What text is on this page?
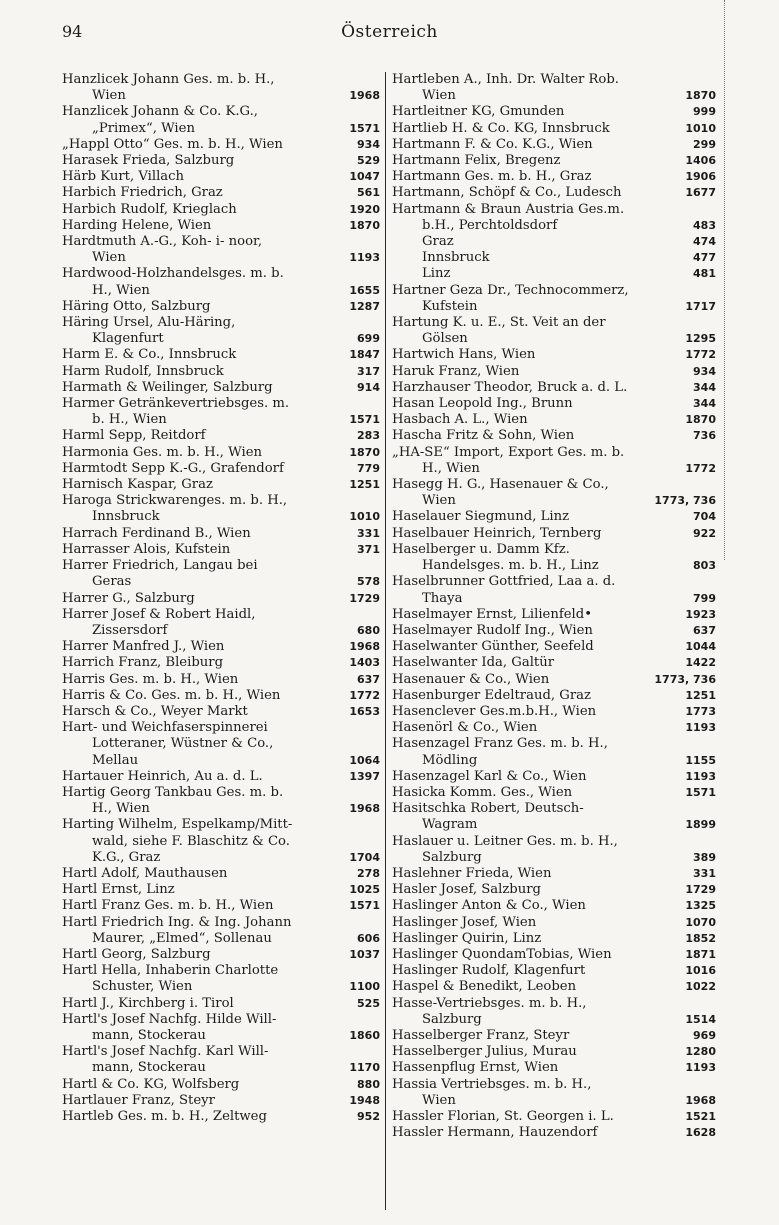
94	Österreich
Hanzlicek Johann Ges. m. b. H.,
Wien	1968
Hanzlicek Johann & Co. K.G.,
„Primex“, Wien	1571
„Happl Otto“ Ges. m. b. H., Wien	934
Harasek Frieda, Salzburg	529
Härb Kurt, Villach	1047
Harbich Friedrich, Graz	561
Harbich Rudolf, Krieglach	1920
Harding Helene, Wien	1870
Hardtmuth A.-G., Koh- i- noor,
Wien	1193
Hardwood-Holzhandelsges. m. b.
H., Wien	1655
Häring Otto, Salzburg	1287
Häring Ursel, Alu-Häring,
Klagenfurt	699
Harm E. & Co., Innsbruck	1847
Harm Rudolf, Innsbruck	317
Harmath & Weilinger, Salzburg	914
Harmer Getränkevertriebsges. m.
b. H., Wien	1571
Harml Sepp, Reitdorf	283
Harmonia Ges. m. b. H., Wien	1870
Harmtodt Sepp K.-G., Grafendorf	779
Harnisch Kaspar, Graz	1251
Haroga Strickwarenges. m. b. H.,
Innsbruck	1010
Harrach Ferdinand B., Wien	331
Harrasser Alois, Kufstein	371
Harrer Friedrich, Langau bei
Geras	578
Harrer G., Salzburg	1729
Harrer Josef & Robert Haidl,
Zissersdorf	680
Harrer Manfred J., Wien	1968
Harrich Franz, Bleiburg	1403
Harris Ges. m. b. H., Wien	637
Harris & Co. Ges. m. b. H., Wien	1772
Harsch & Co., Weyer Markt	1653
Hart- und Weichfaserspinnerei
Lotteraner, Wüstner & Co.,
Mellau	1064
Hartauer Heinrich, Au a. d. L.	1397
Hartig Georg Tankbau Ges. m. b.
H., Wien	1968
Harting Wilhelm, Espelkamp/Mitt-
wald, siehe F. Blaschitz & Co.
K.G., Graz	1704
Hartl Adolf, Mauthausen	278
Hartl Ernst, Linz	1025
Hartl Franz Ges. m. b. H., Wien	1571
Hartl Friedrich Ing. & Ing. Johann
Maurer, „Elmed“, Sollenau	606
Hartl Georg, Salzburg	1037
Hartl Hella, Inhaberin Charlotte
Schuster, Wien	1100
Hartl J., Kirchberg i. Tirol	525
Hartl's Josef Nachfg. Hilde Will-
mann, Stockerau	1860
Hartl's Josef Nachfg. Karl Will-
mann, Stockerau	1170
Hartl & Co. KG, Wolfsberg	880
Hartlauer Franz, Steyr	1948
Hartleb Ges. m. b. H., Zeltweg	952
Hartleben A., Inh. Dr. Walter Rob.
Wien	1870
Hartleitner KG, Gmunden	999
Hartlieb H. & Co. KG, Innsbruck	1010
Hartmann F. & Co. K.G., Wien	299
Hartmann Felix, Bregenz	1406
Hartmann Ges. m. b. H., Graz	1906
Hartmann, Schöpf & Co., Ludesch	1677
Hartmann & Braun Austria Ges.m.
b.H., Perchtoldsdorf	483
Graz	474
Innsbruck	477
Linz	481
Hartner Geza Dr., Technocommerz,
Kufstein	1717
Hartung K. u. E., St. Veit an der
Gölsen	1295
Hartwich Hans, Wien	1772
Haruk Franz, Wien	934
Harzhauser Theodor, Bruck a. d. L.	344
Hasan Leopold Ing., Brunn	344
Hasbach A. L., Wien	1870
Hascha Fritz & Sohn, Wien	736
„HA-SE“ Import, Export Ges. m. b.
H., Wien	1772
Hasegg H. G., Hasenauer & Co.,
Wien	1773, 736
Haselauer Siegmund, Linz	704
Haselbauer Heinrich, Ternberg	922
Haselberger u. Damm Kfz.
Handelsges. m. b. H., Linz	803
Haselbrunner Gottfried, Laa a. d.
Thaya	799
Haselmayer Ernst, Lilienfeld•	1923
Haselmayer Rudolf Ing., Wien	637
Haselwanter Günther, Seefeld	1044
Haselwanter Ida, Galtür	1422
Hasenauer & Co., Wien	1773, 736
Hasenburger Edeltraud, Graz	1251
Hasenclever Ges.m.b.H., Wien	1773
Hasenörl & Co., Wien	1193
Hasenzagel Franz Ges. m. b. H.,
Mödling	1155
Hasenzagel Karl & Co., Wien	1193
Hasicka Komm. Ges., Wien	1571
Hasitschka Robert, Deutsch-
Wagram	1899
Haslauer u. Leitner Ges. m. b. H.,
Salzburg	389
Haslehner Frieda, Wien	331
Hasler Josef, Salzburg	1729
Haslinger Anton & Co., Wien	1325
Haslinger Josef, Wien	1070
Haslinger Quirin, Linz	1852
Haslinger QuondamTobias, Wien	1871
Haslinger Rudolf, Klagenfurt	1016
Haspel & Benedikt, Leoben	1022
Hasse-Vertriebsges. m. b. H.,
Salzburg	1514
Hasselberger Franz, Steyr	969
Hasselberger Julius, Murau	1280
Hassenpflug Ernst, Wien	1193
Hassia Vertriebsges. m. b. H.,
Wien	1968
Hassler Florian, St. Georgen i. L.	1521
Hassler Hermann, Hauzendorf	1628
